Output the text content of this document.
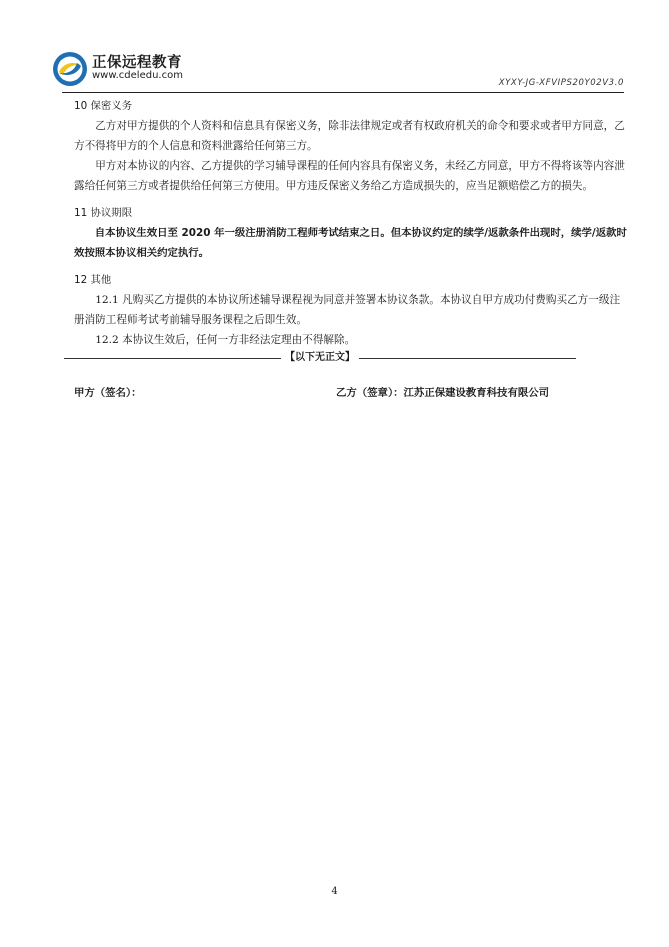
正保远程教育
www.cdeledu.com
XYXY-JG-XFVIPS20Y02V3.0

10 保密义务

乙方对甲方提供的个人资料和信息具有保密义务，除非法律规定或者有权政府机关的命令和要求或者甲方同意，乙方不得将甲方的个人信息和资料泄露给任何第三方。

甲方对本协议的内容、乙方提供的学习辅导课程的任何内容具有保密义务，未经乙方同意，甲方不得将该等内容泄露给任何第三方或者提供给任何第三方使用。甲方违反保密义务给乙方造成损失的，应当足额赔偿乙方的损失。

11 协议期限

自本协议生效日至 2020 年一级注册消防工程师考试结束之日。但本协议约定的续学/返款条件出现时，续学/返款时效按照本协议相关约定执行。

12 其他

12.1 凡购买乙方提供的本协议所述辅导课程视为同意并签署本协议条款。本协议自甲方成功付费购买乙方一级注册消防工程师考试考前辅导服务课程之后即生效。

12.2 本协议生效后，任何一方非经法定理由不得解除。

【以下无正文】
甲方（签名）：	乙方（签章）：江苏正保建设教育科技有限公司
4
